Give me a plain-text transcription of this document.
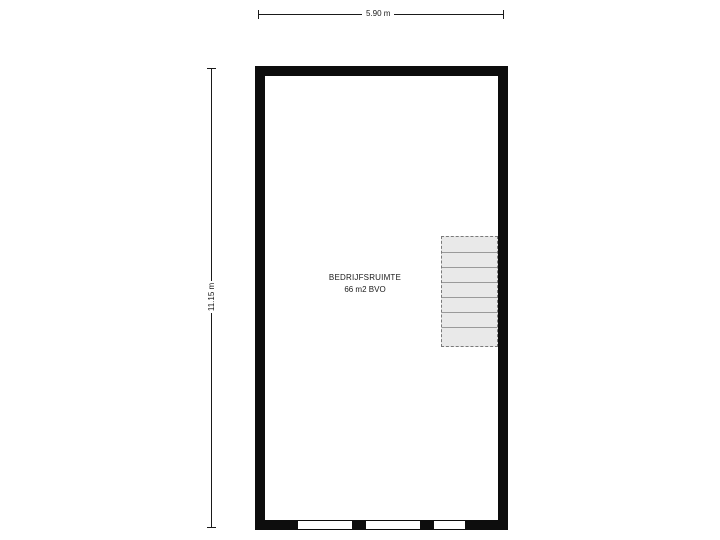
5.90 m
11.15 m
BEDRIJFSRUIMTE
66 m2 BVO
